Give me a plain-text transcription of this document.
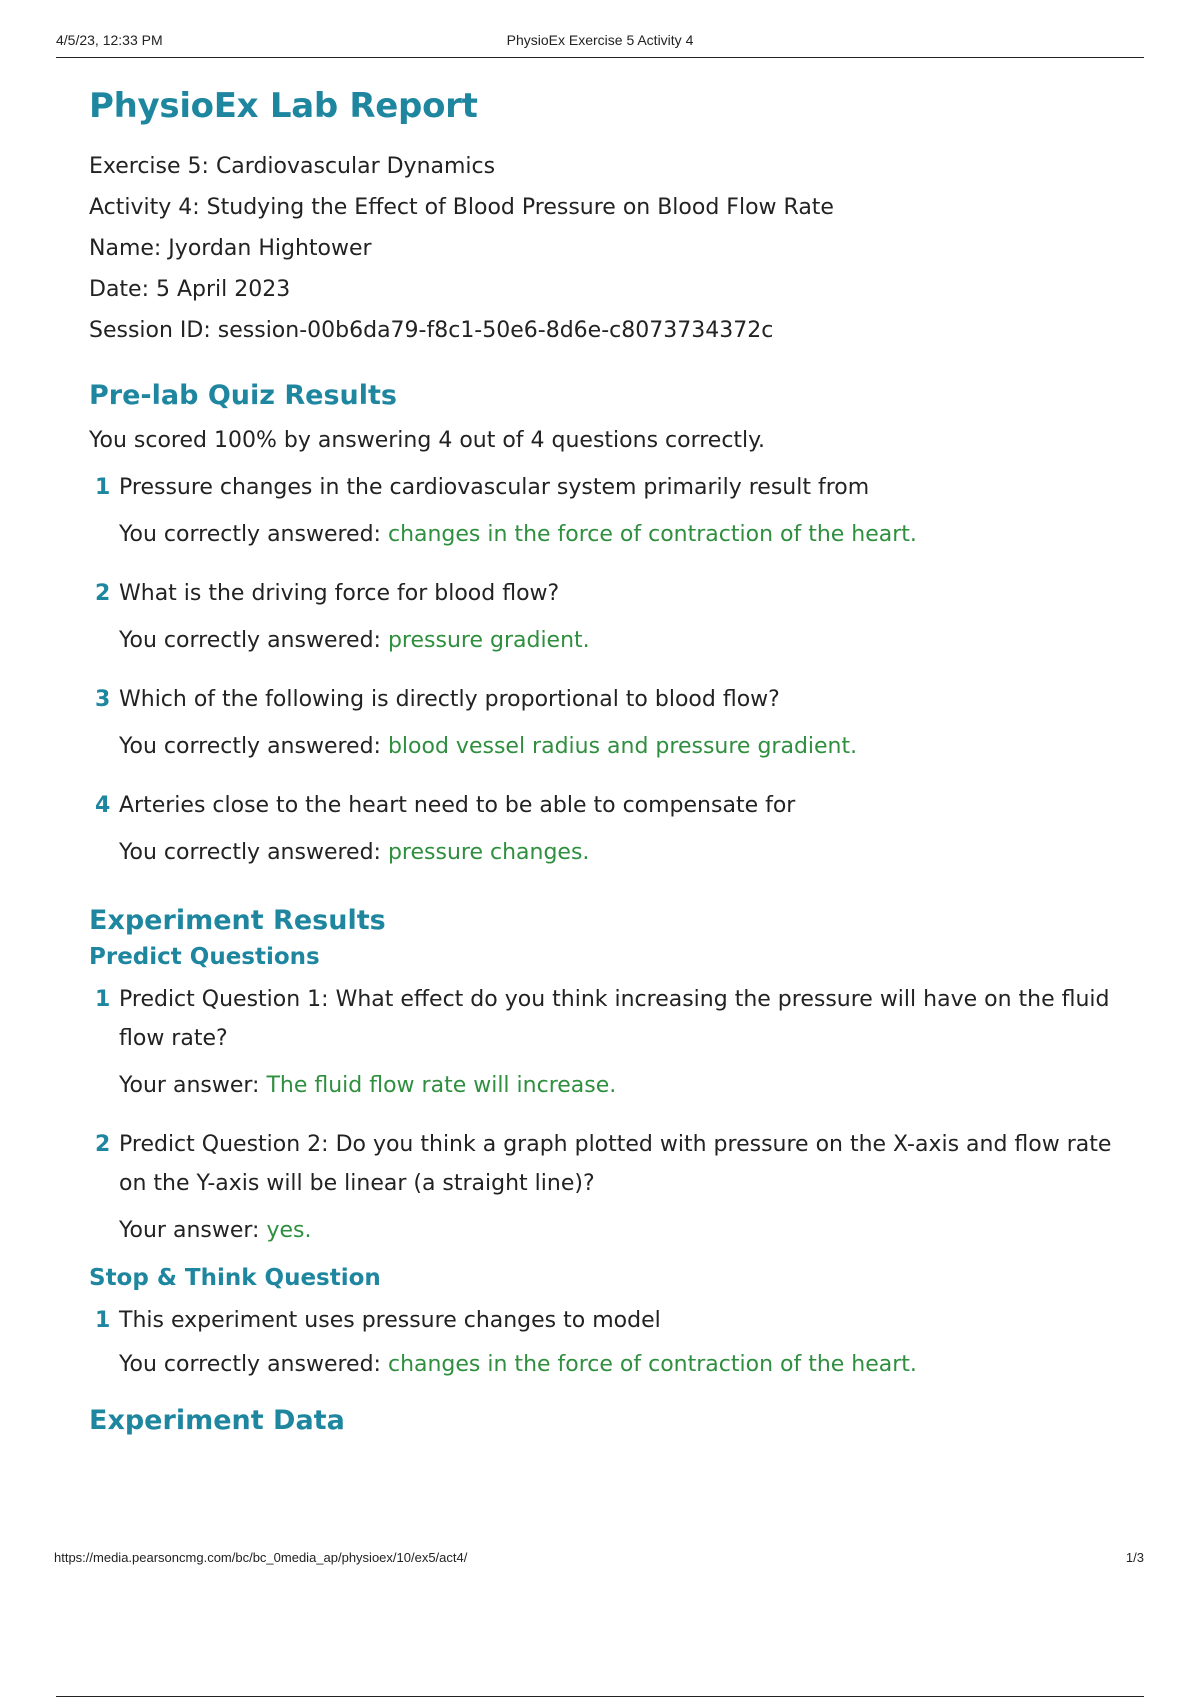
4/5/23, 12:33 PM	PhysioEx Exercise 5 Activity 4
PhysioEx Lab Report
Exercise 5: Cardiovascular Dynamics
Activity 4: Studying the Effect of Blood Pressure on Blood Flow Rate
Name: Jyordan Hightower
Date: 5 April 2023
Session ID: session-00b6da79-f8c1-50e6-8d6e-c8073734372c
Pre-lab Quiz Results
You scored 100% by answering 4 out of 4 questions correctly.
1 Pressure changes in the cardiovascular system primarily result from
You correctly answered: changes in the force of contraction of the heart.
2 What is the driving force for blood flow?
You correctly answered: pressure gradient.
3 Which of the following is directly proportional to blood flow?
You correctly answered: blood vessel radius and pressure gradient.
4 Arteries close to the heart need to be able to compensate for
You correctly answered: pressure changes.
Experiment Results
Predict Questions
1 Predict Question 1: What effect do you think increasing the pressure will have on the fluid flow rate?
Your answer: The fluid flow rate will increase.
2 Predict Question 2: Do you think a graph plotted with pressure on the X-axis and flow rate on the Y-axis will be linear (a straight line)?
Your answer: yes.
Stop & Think Question
1 This experiment uses pressure changes to model
You correctly answered: changes in the force of contraction of the heart.
Experiment Data
https://media.pearsoncmg.com/bc/bc_0media_ap/physioex/10/ex5/act4/	1/3
